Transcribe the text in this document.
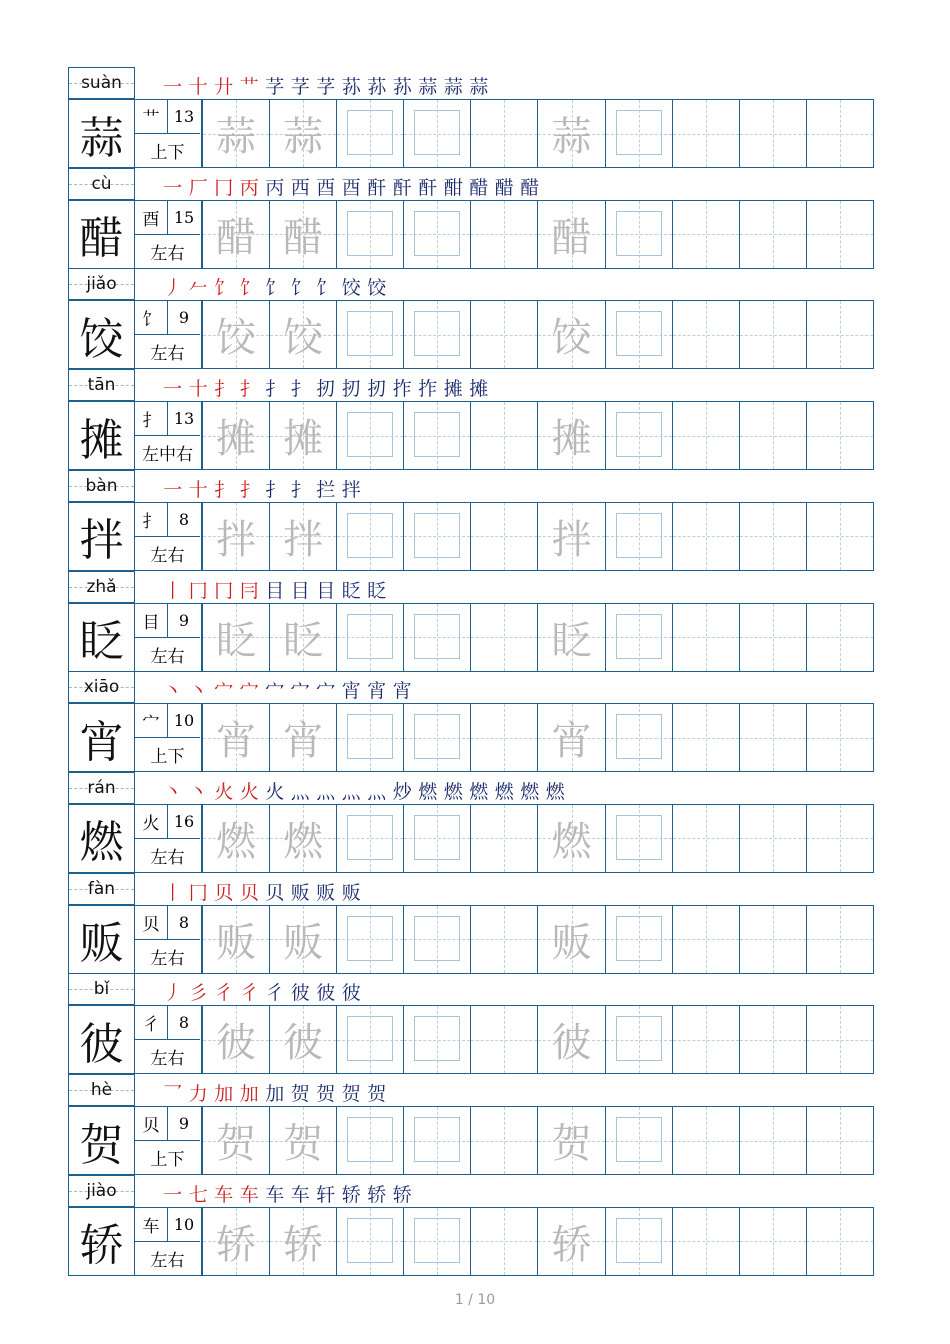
suàn 一 十 廾 艹 芓 芓 芓 荪 荪 荪 蒜 蒜 蒜
蒜	艹 13
上下 蒜 蒜	蒜
cù	一 厂 冂 丙 丙 西 酉 酉 酐 酐 酐 酣 醋 醋 醋
醋	酉 15
左右 醋 醋	醋
jiǎo 丿 𠂉 饣 饣 饣 饣 饣 饺 饺
饺	饣	9
左右 饺 饺	饺
tān	一 十 扌 扌 扌 扌 扨 扨 扨 拃 拃 摊 摊
摊	扌 13
左中右 摊 摊	摊
bàn 一 十 扌 扌 扌 扌 拦 拌
拌	扌	8
左右 拌 拌	拌
zhǎ 丨 冂 冂 冃 目 目 目 眨 眨
眨	目	9
左右 眨 眨	眨
xiāo 丶 丶 宀 宀 宀 宀 宀 宵 宵 宵
宵	宀 10
上下 宵 宵	宵
rán	丶 丶 火 火 火 灬 灬 灬 灬 炒 燃 燃 燃 燃 燃 燃
燃	火 16
左右 燃 燃	燃
fàn	丨 冂 贝 贝 贝 贩 贩 贩
贩	贝	8
左右 贩 贩	贩
bǐ	丿 彡 彳 彳 彳 彼 彼 彼
彼	彳	8
左右 彼 彼	彼
hè	乛 力 加 加 加 贺 贺 贺 贺
贺	贝	9
上下 贺 贺	贺
jiào 一 七 车 车 车 车 轩 轿 轿 轿
轿	车 10
左右 轿 轿	轿
1 / 10
